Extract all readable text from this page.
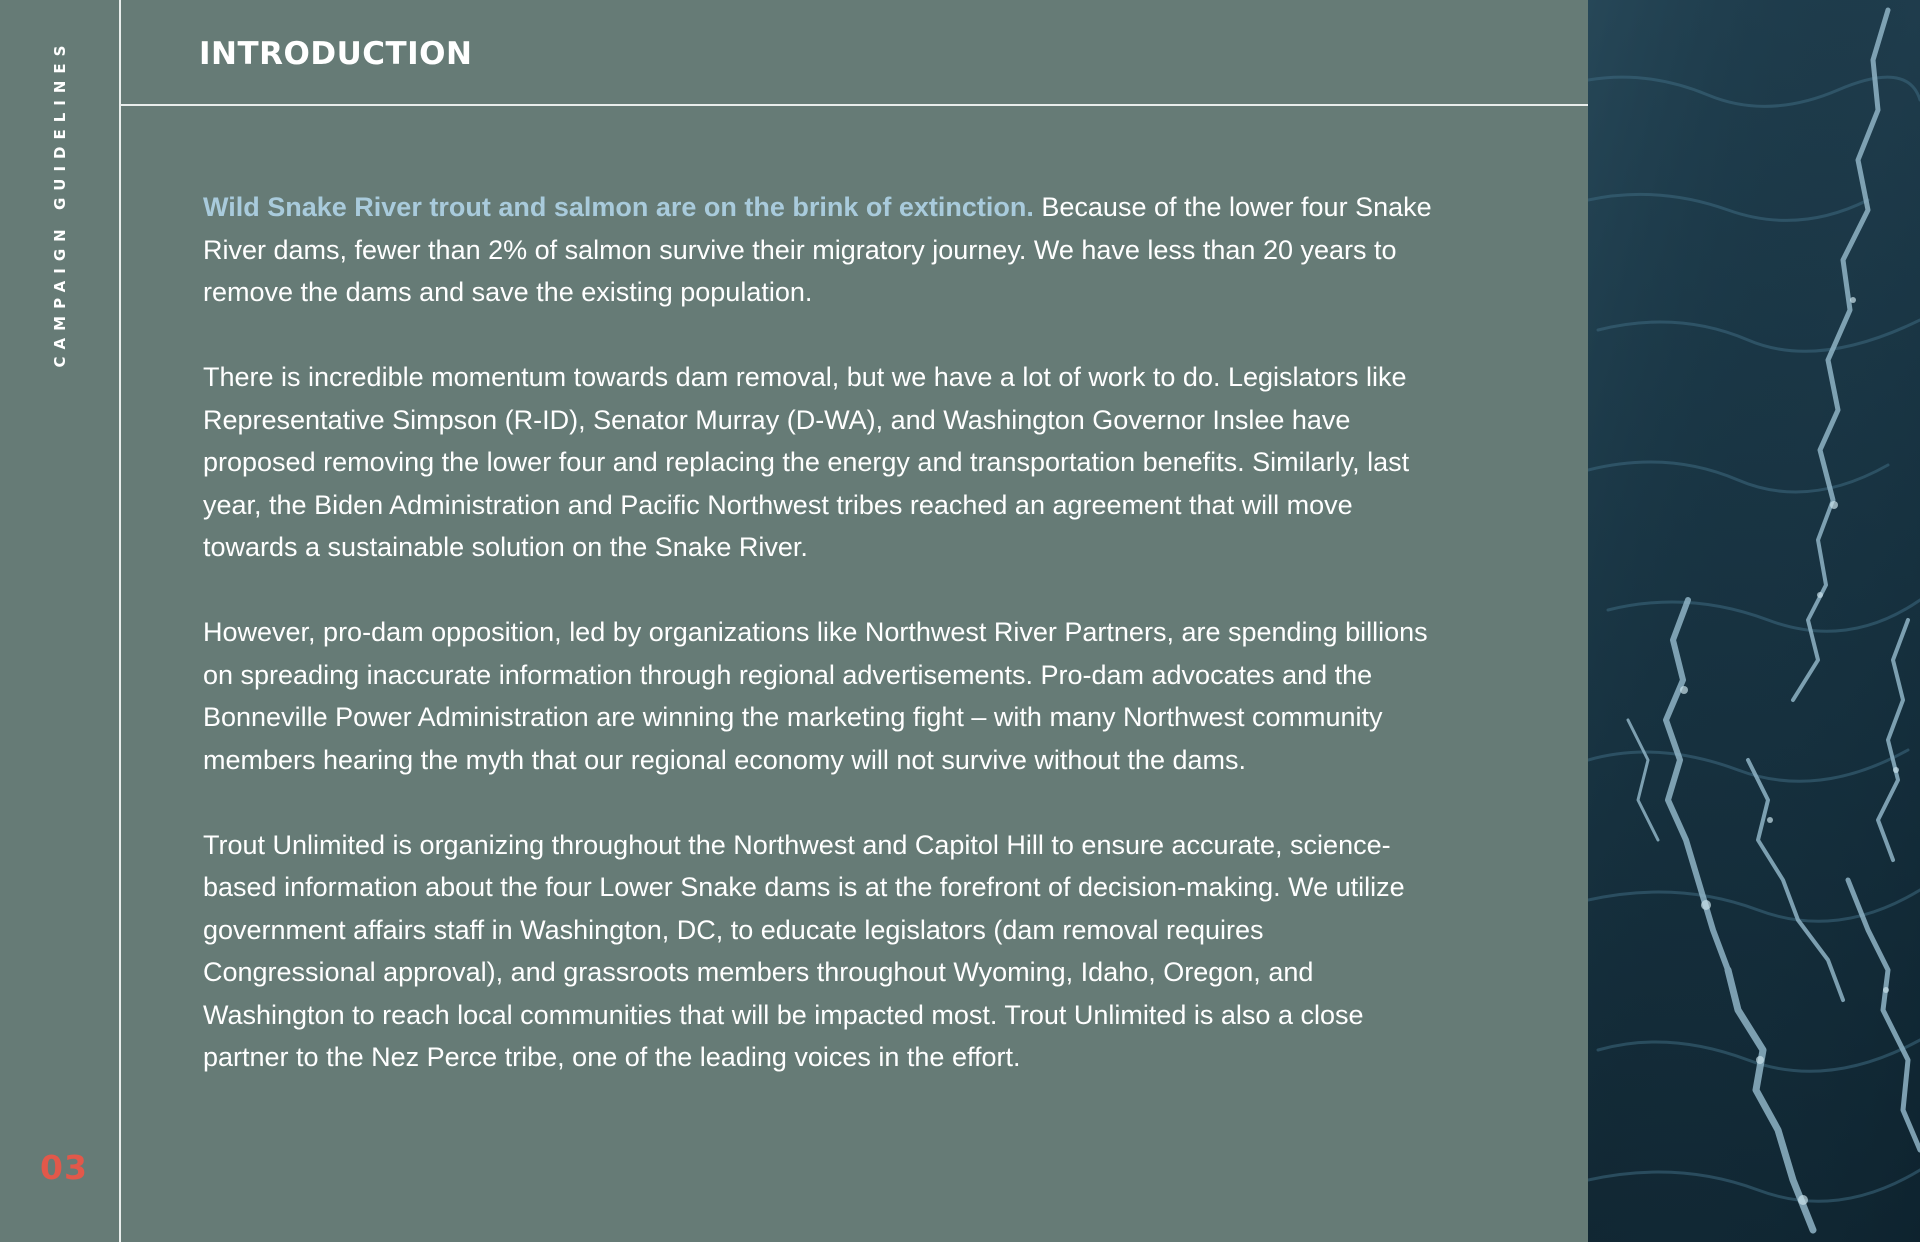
CAMPAIGN GUIDELINES
03
INTRODUCTION

Wild Snake River trout and salmon are on the brink of extinction. Because of the lower four Snake River dams, fewer than 2% of salmon survive their migratory journey. We have less than 20 years to remove the dams and save the existing population.

There is incredible momentum towards dam removal, but we have a lot of work to do. Legislators like Representative Simpson (R-ID), Senator Murray (D-WA), and Washington Governor Inslee have proposed removing the lower four and replacing the energy and transportation benefits. Similarly, last year, the Biden Administration and Pacific Northwest tribes reached an agreement that will move towards a sustainable solution on the Snake River.

However, pro-dam opposition, led by organizations like Northwest River Partners, are spending billions on spreading inaccurate information through regional advertisements. Pro-dam advocates and the Bonneville Power Administration are winning the marketing fight – with many Northwest community members hearing the myth that our regional economy will not survive without the dams.

Trout Unlimited is organizing throughout the Northwest and Capitol Hill to ensure accurate, science-based information about the four Lower Snake dams is at the forefront of decision-making. We utilize government affairs staff in Washington, DC, to educate legislators (dam removal requires Congressional approval), and grassroots members throughout Wyoming, Idaho, Oregon, and Washington to reach local communities that will be impacted most. Trout Unlimited is also a close partner to the Nez Perce tribe, one of the leading voices in the effort.
